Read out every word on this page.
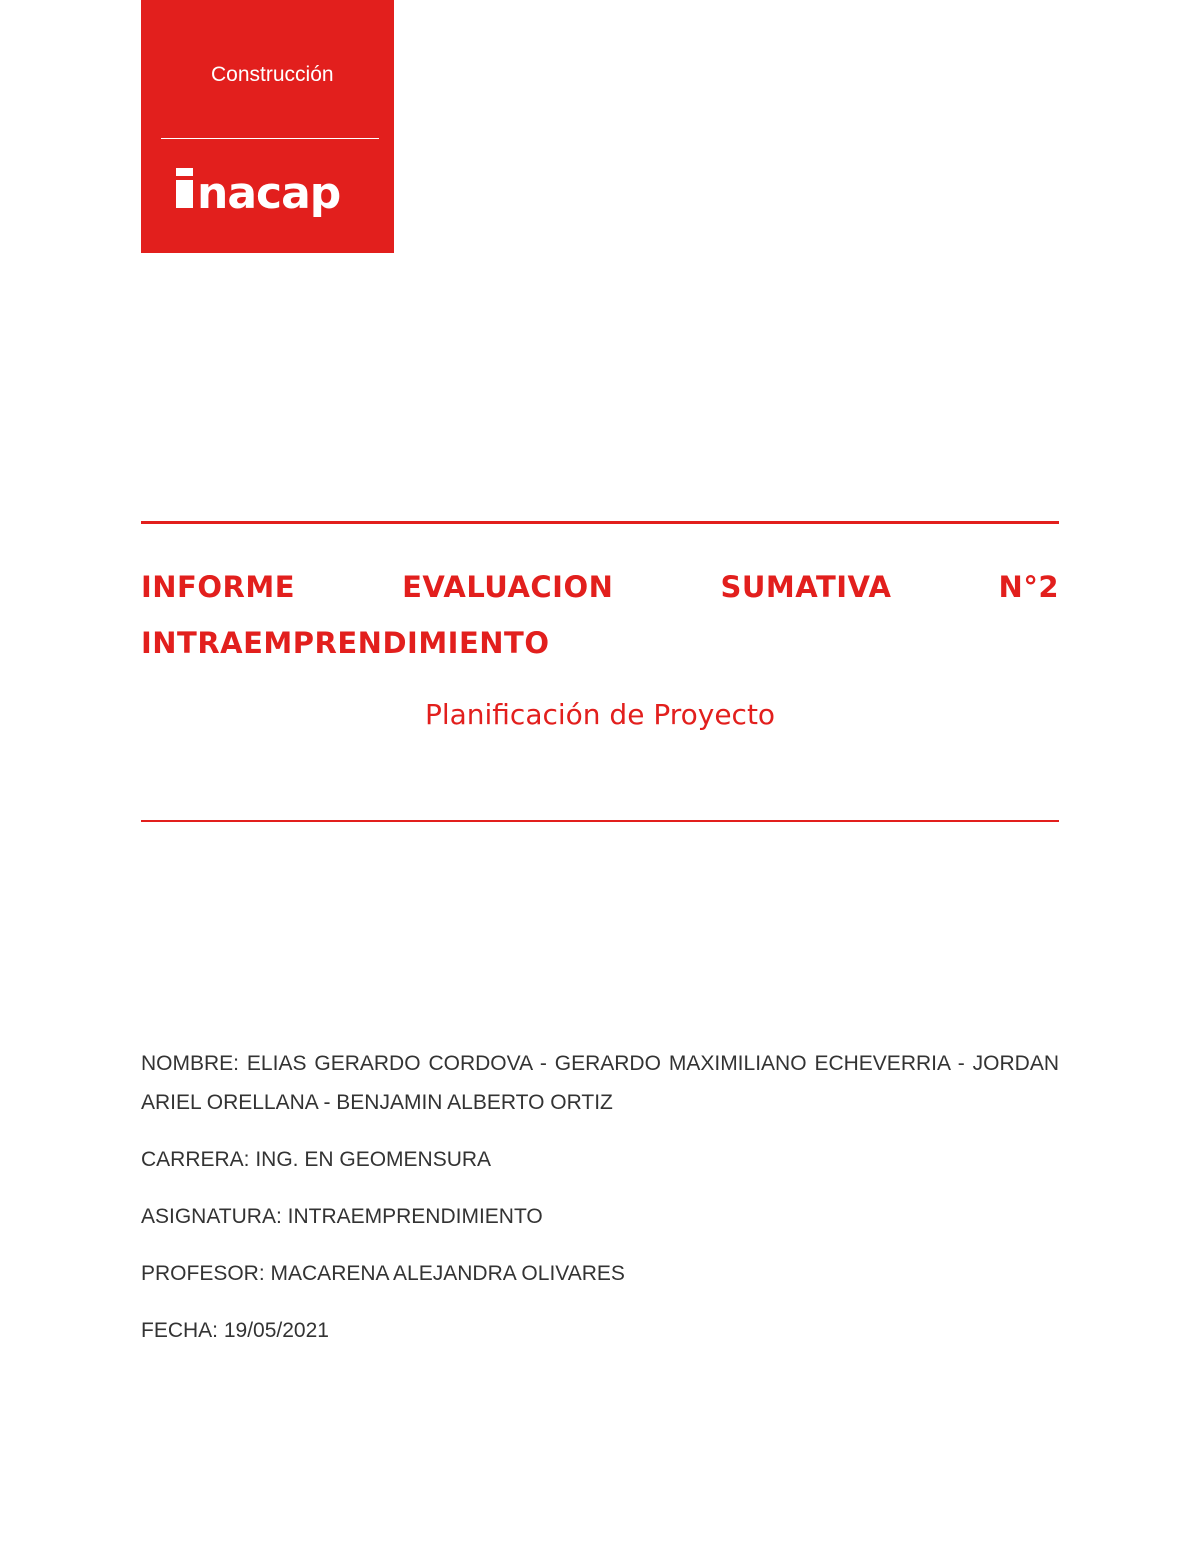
Construcción
nacap
INFORME EVALUACION SUMATIVA N°2 INTRAEMPRENDIMIENTO

Planificación de Proyecto

NOMBRE: ELIAS GERARDO CORDOVA - GERARDO MAXIMILIANO ECHEVERRIA - JORDAN ARIEL ORELLANA - BENJAMIN ALBERTO ORTIZ

CARRERA: ING. EN GEOMENSURA

ASIGNATURA: INTRAEMPRENDIMIENTO

PROFESOR: MACARENA ALEJANDRA OLIVARES

FECHA: 19/05/2021
